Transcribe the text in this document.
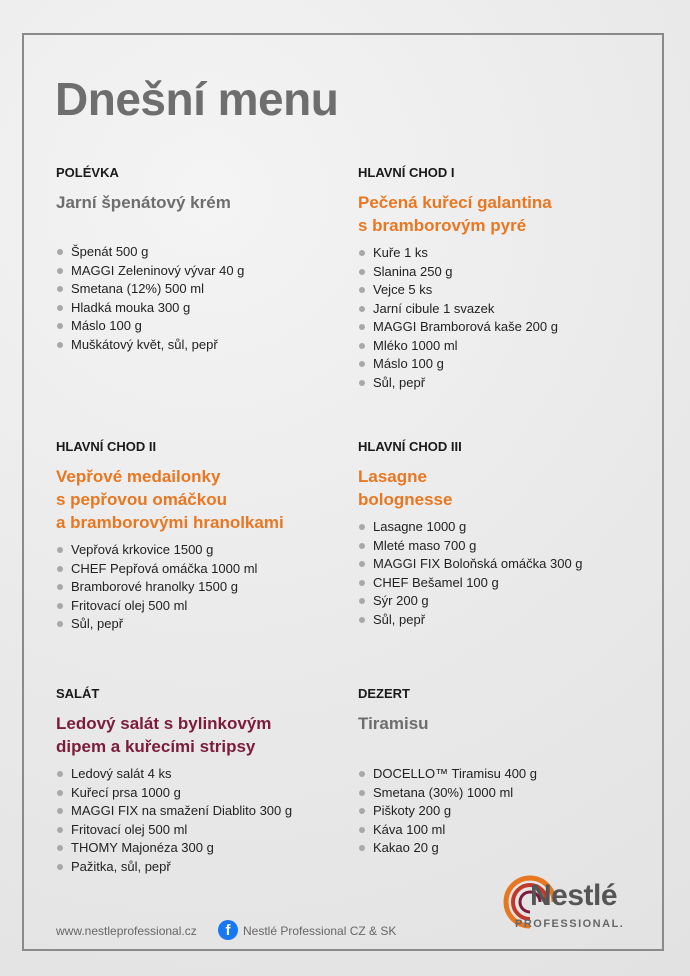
Dnešní menu

POLÉVKA

Jarní špenátový krém

Špenát 500 g
MAGGI Zeleninový vývar 40 g
Smetana (12%) 500 ml
Hladká mouka 300 g
Máslo 100 g
Muškátový květ, sůl, pepř

HLAVNÍ CHOD I

Pečená kuřecí galantina
s bramborovým pyré

Kuře 1 ks
Slanina 250 g
Vejce 5 ks
Jarní cibule 1 svazek
MAGGI Bramborová kaše 200 g
Mléko 1000 ml
Máslo 100 g
Sůl, pepř

HLAVNÍ CHOD II

Vepřové medailonky
s pepřovou omáčkou
a bramborovými hranolkami

Vepřová krkovice 1500 g
CHEF Pepřová omáčka 1000 ml
Bramborové hranolky 1500 g
Fritovací olej 500 ml
Sůl, pepř

HLAVNÍ CHOD III

Lasagne
bolognesse

Lasagne 1000 g
Mleté maso 700 g
MAGGI FIX Boloňská omáčka 300 g
CHEF Bešamel 100 g
Sýr 200 g
Sůl, pepř

SALÁT

Ledový salát s bylinkovým
dipem a kuřecími stripsy

Ledový salát 4 ks
Kuřecí prsa 1000 g
MAGGI FIX na smažení Diablito 300 g
Fritovací olej 500 ml
THOMY Majonéza 300 g
Pažitka, sůl, pepř

DEZERT

Tiramisu

DOCELLO™ Tiramisu 400 g
Smetana (30%) 1000 ml
Piškoty 200 g
Káva 100 ml
Kakao 20 g
www.nestleprofessional.cz	f	Nestlé Professional CZ & SK
Nestlé
PROFESSIONAL.
